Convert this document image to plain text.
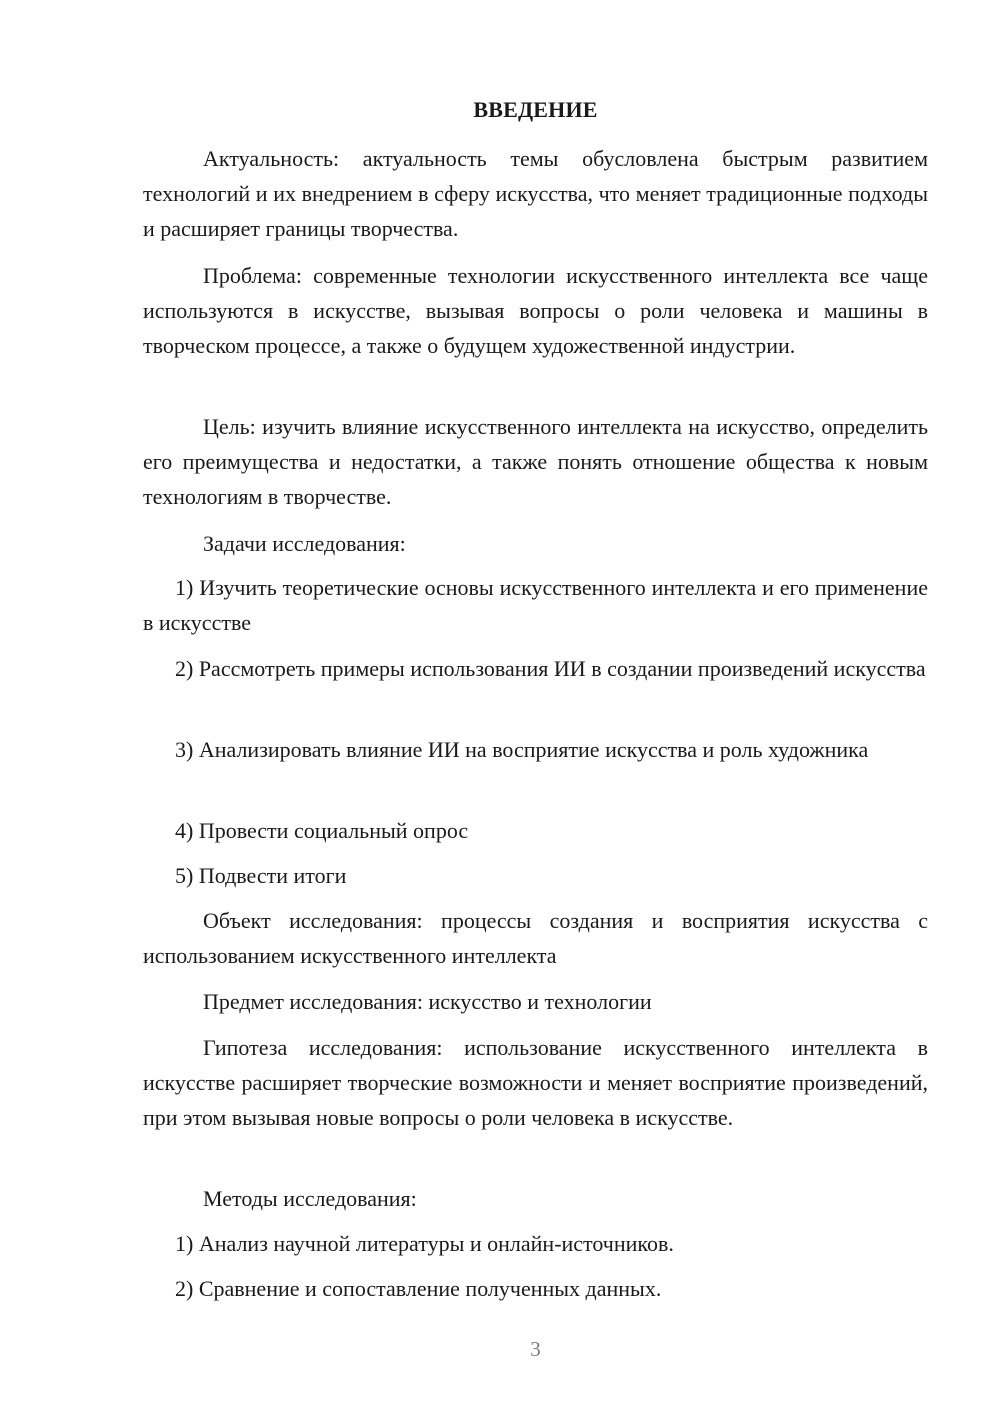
ВВЕДЕНИЕ

Актуальность: актуальность темы обусловлена быстрым развитием технологий и их внедрением в сферу искусства, что меняет традиционные подходы и расширяет границы творчества.

Проблема: современные технологии искусственного интеллекта все чаще используются в искусстве, вызывая вопросы о роли человека и машины в творческом процессе, а также о будущем художественной индустрии.

Цель: изучить влияние искусственного интеллекта на искусство, определить его преимущества и недостатки, а также понять отношение общества к новым технологиям в творчестве.

Задачи исследования:

1) Изучить теоретические основы искусственного интеллекта и его применение в искусстве

2) Рассмотреть примеры использования ИИ в создании произведений искусства

3) Анализировать влияние ИИ на восприятие искусства и роль художника

4) Провести социальный опрос

5) Подвести итоги

Объект исследования: процессы создания и восприятия искусства с использованием искусственного интеллекта

Предмет исследования: искусство и технологии

Гипотеза исследования: использование искусственного интеллекта в искусстве расширяет творческие возможности и меняет восприятие произведений, при этом вызывая новые вопросы о роли человека в искусстве.

Методы исследования:

1) Анализ научной литературы и онлайн-источников.

2) Сравнение и сопоставление полученных данных.

3
